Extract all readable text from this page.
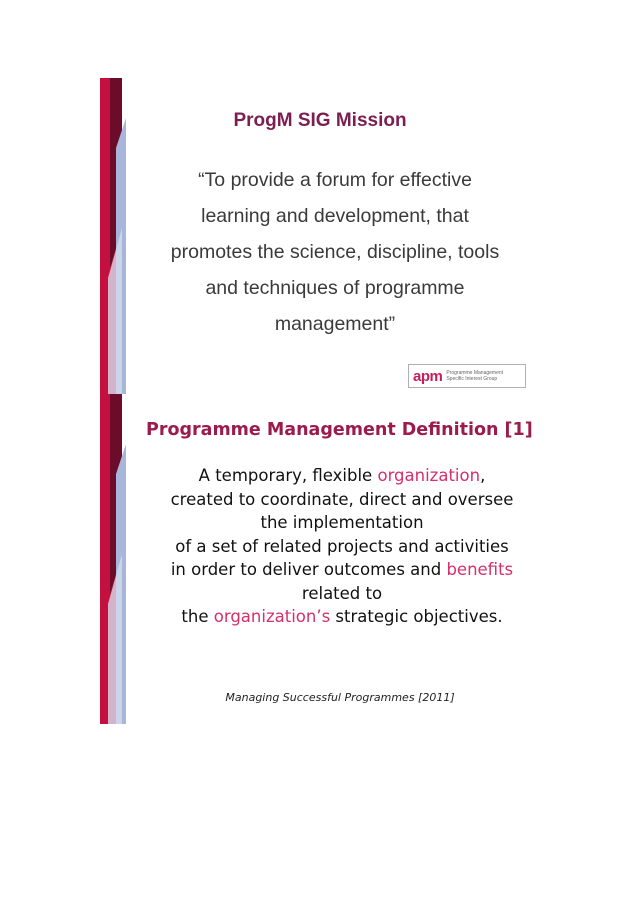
ProgM SIG Mission
“To provide a forum for effective
learning and development, that
promotes the science, discipline, tools
and techniques of programme
management”
apm Programme Management
Specific Interest Group
Programme Management Definition [1]
A temporary, flexible organization,
created to coordinate, direct and oversee
the implementation
of a set of related projects and activities
in order to deliver outcomes and benefits
related to
the organization’s strategic objectives.
Managing Successful Programmes [2011]
